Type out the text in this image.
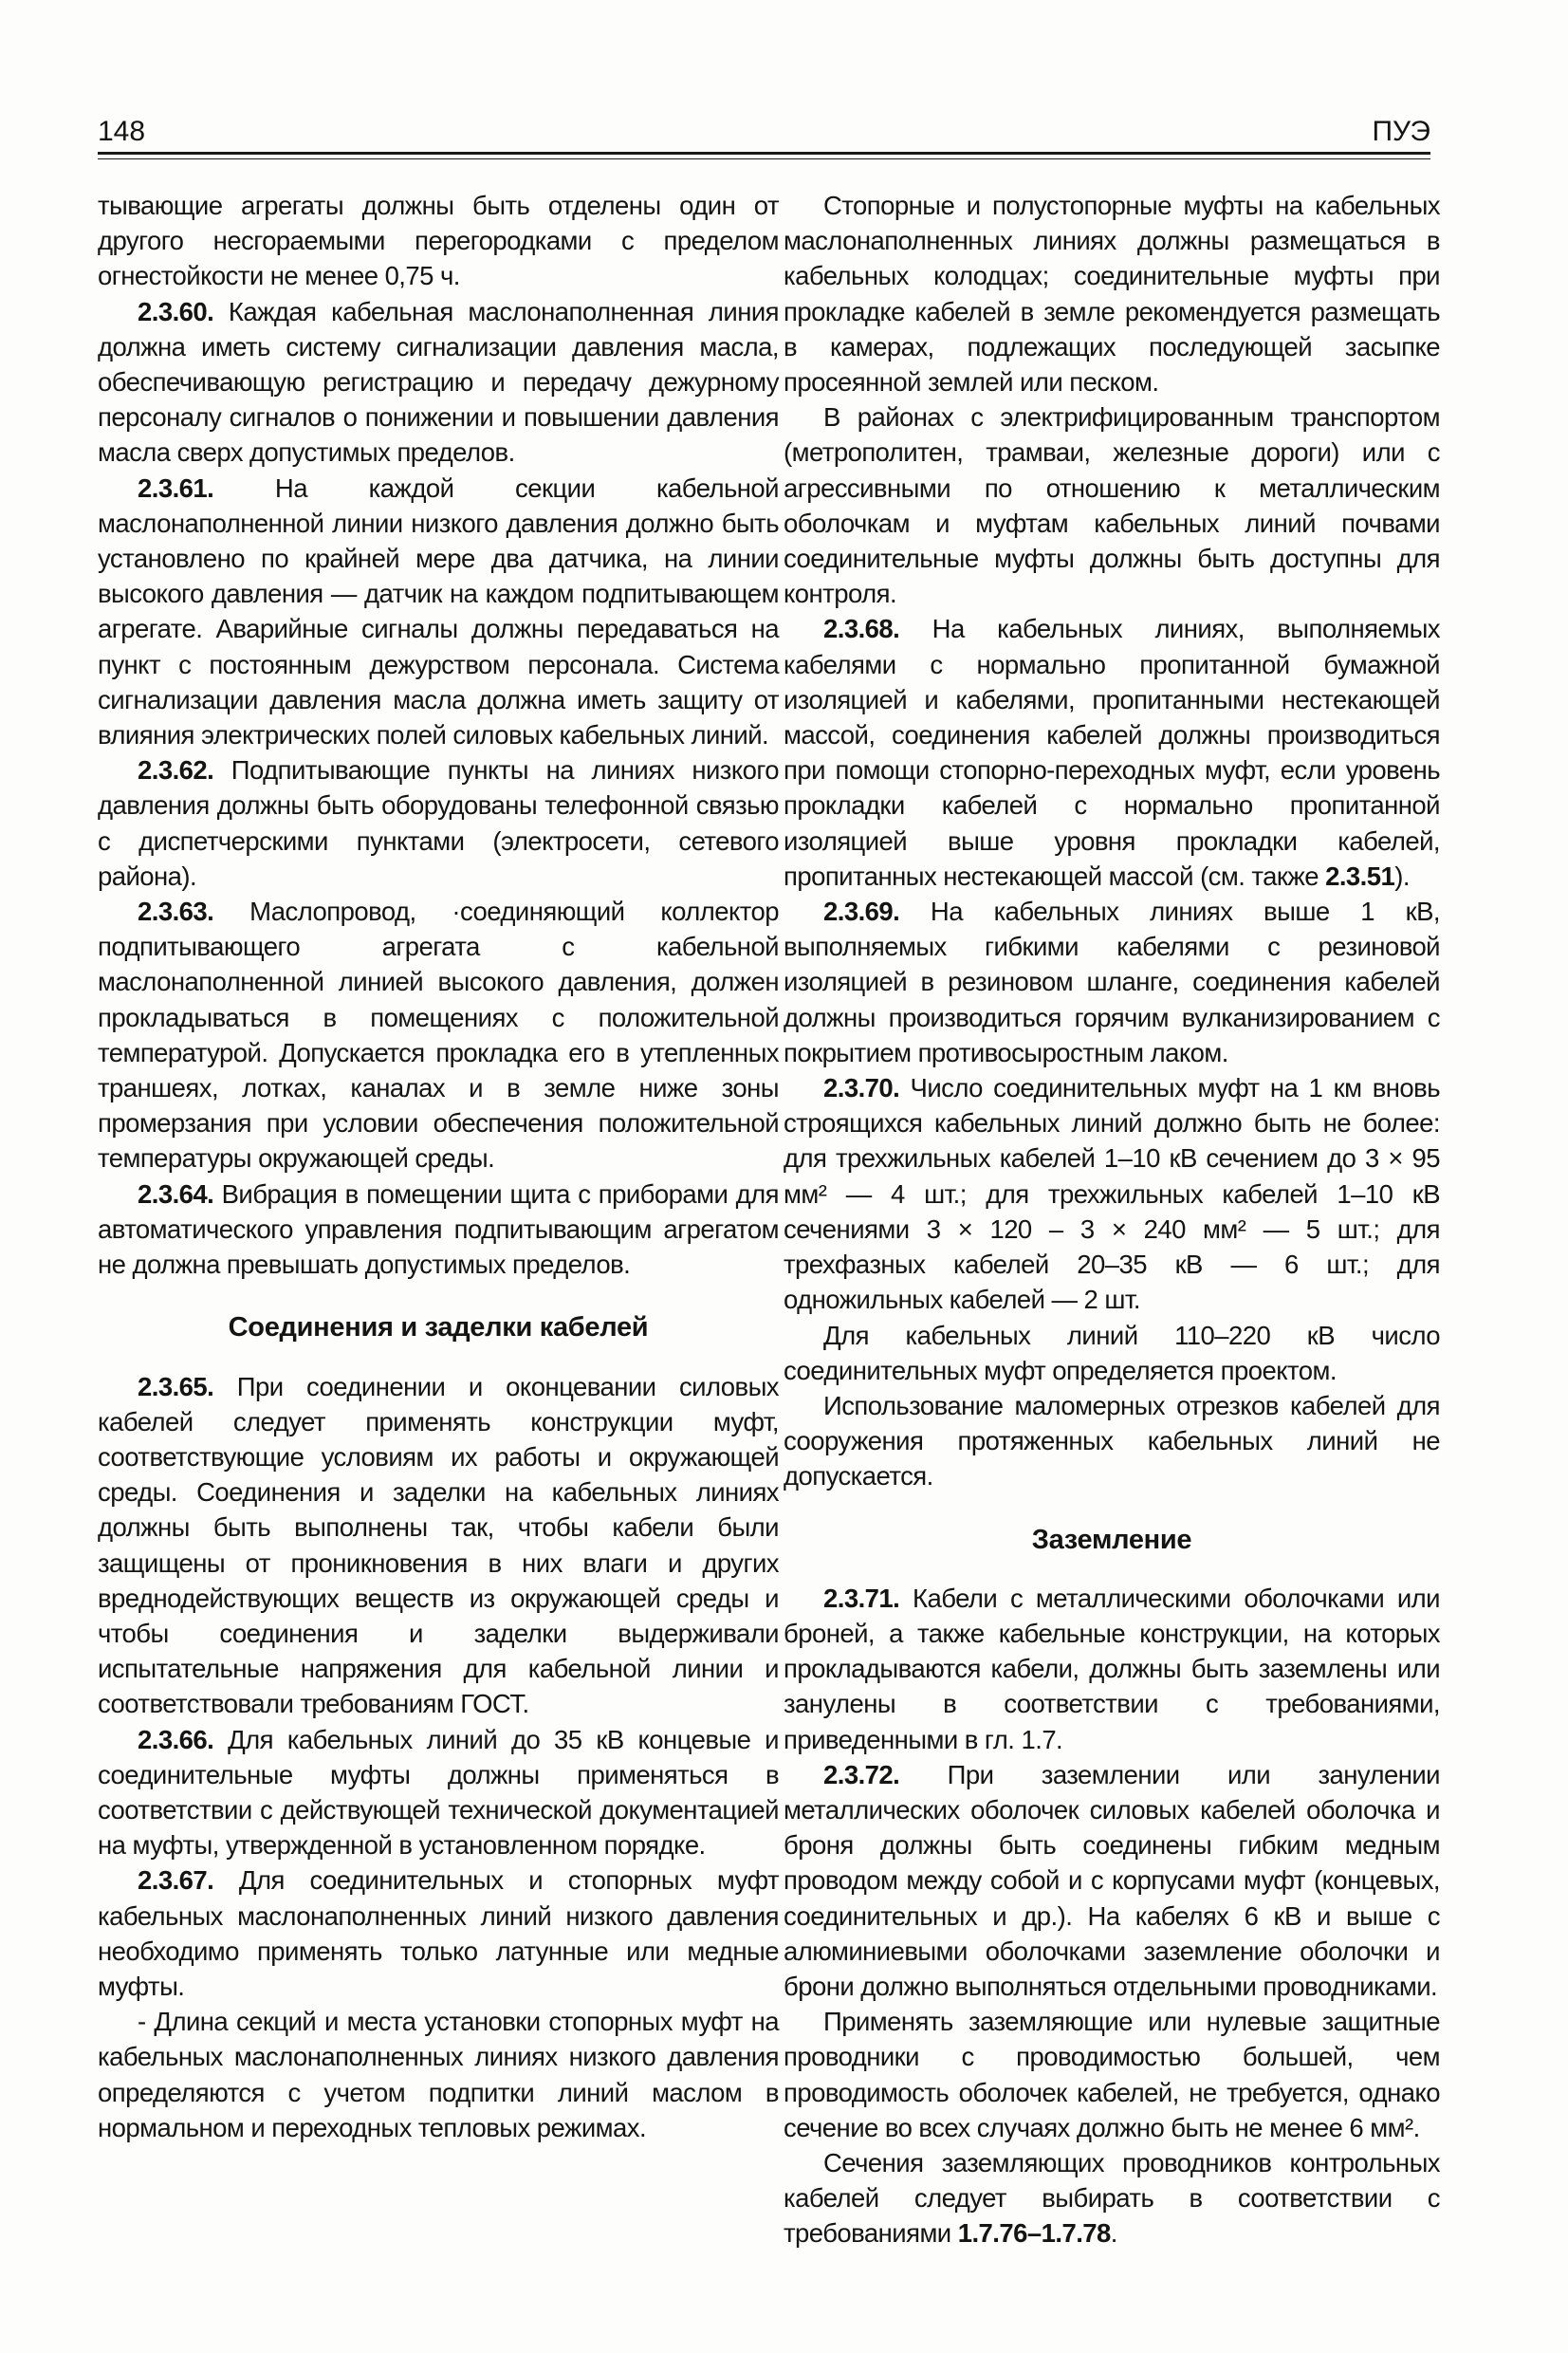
148	ПУЭ

тывающие агрегаты должны быть отделены один от другого несгораемыми перегородками с пределом огнестойкости не менее 0,75 ч.

2.3.60. Каждая кабельная маслонаполненная линия должна иметь систему сигнализации давления масла, обеспечивающую регистрацию и передачу дежурному персоналу сигналов о понижении и повышении давления масла сверх допустимых пределов.

2.3.61. На каждой секции кабельной маслонаполненной линии низкого давления должно быть установлено по крайней мере два датчика, на линии высокого давления — датчик на каждом подпитывающем агрегате. Аварийные сигналы должны передаваться на пункт с постоянным дежурством персонала. Система сигнализации давления масла должна иметь защиту от влияния электрических полей силовых кабельных линий.

2.3.62. Подпитывающие пункты на линиях низкого давления должны быть оборудованы телефонной связью с диспетчерскими пунктами (электросети, сетевого района).

2.3.63. Маслопровод, ·соединяющий коллектор подпитывающего агрегата с кабельной маслонаполненной линией высокого давления, должен прокладываться в помещениях с положительной температурой. Допускается прокладка его в утепленных траншеях, лотках, каналах и в земле ниже зоны промерзания при условии обеспечения положительной температуры окружающей среды.

2.3.64. Вибрация в помещении щита с приборами для автоматического управления подпитывающим агрегатом не должна превышать допустимых пределов.

Соединения и заделки кабелей

2.3.65. При соединении и оконцевании силовых кабелей следует применять конструкции муфт, соответствующие условиям их работы и окружающей среды. Соединения и заделки на кабельных линиях должны быть выполнены так, чтобы кабели были защищены от проникновения в них влаги и других вреднодействующих веществ из окружающей среды и чтобы соединения и заделки выдерживали испытательные напряжения для кабельной линии и соответствовали требованиям ГОСТ.

2.3.66. Для кабельных линий до 35 кВ концевые и соединительные муфты должны применяться в соответствии с действующей технической документацией на муфты, утвержденной в установленном порядке.

2.3.67. Для соединительных и стопорных муфт кабельных маслонаполненных линий низкого давления необходимо применять только латунные или медные муфты.

- Длина секций и места установки стопорных муфт на кабельных маслонаполненных линиях низкого давления определяются с учетом подпитки линий маслом в нормальном и переходных тепловых режимах.

Стопорные и полустопорные муфты на кабельных маслонаполненных линиях должны размещаться в кабельных колодцах; соединительные муфты при прокладке кабелей в земле рекомендуется размещать в камерах, подлежащих последующей засыпке просеянной землей или песком.

В районах с электрифицированным транспортом (метрополитен, трамваи, железные дороги) или с агрессивными по отношению к металлическим оболочкам и муфтам кабельных линий почвами соединительные муфты должны быть доступны для контроля.

2.3.68. На кабельных линиях, выполняемых кабелями с нормально пропитанной бумажной изоляцией и кабелями, пропитанными нестекающей массой, соединения кабелей должны производиться при помощи стопорно-переходных муфт, если уровень прокладки кабелей с нормально пропитанной изоляцией выше уровня прокладки кабелей, пропитанных нестекающей массой (см. также 2.3.51).

2.3.69. На кабельных линиях выше 1 кВ, выполняемых гибкими кабелями с резиновой изоляцией в резиновом шланге, соединения кабелей должны производиться горячим вулканизированием с покрытием противосыростным лаком.

2.3.70. Число соединительных муфт на 1 км вновь строящихся кабельных линий должно быть не более: для трехжильных кабелей 1–10 кВ сечением до 3 × 95 мм² — 4 шт.; для трехжильных кабелей 1–10 кВ сечениями 3 × 120 – 3 × 240 мм² — 5 шт.; для трехфазных кабелей 20–35 кВ — 6 шт.; для одножильных кабелей — 2 шт.

Для кабельных линий 110–220 кВ число соединительных муфт определяется проектом.

Использование маломерных отрезков кабелей для сооружения протяженных кабельных линий не допускается.

Заземление

2.3.71. Кабели с металлическими оболочками или броней, а также кабельные конструкции, на которых прокладываются кабели, должны быть заземлены или занулены в соответствии с требованиями, приведенными в гл. 1.7.

2.3.72. При заземлении или занулении металлических оболочек силовых кабелей оболочка и броня должны быть соединены гибким медным проводом между собой и с корпусами муфт (концевых, соединительных и др.). На кабелях 6 кВ и выше с алюминиевыми оболочками заземление оболочки и брони должно выполняться отдельными проводниками.

Применять заземляющие или нулевые защитные проводники с проводимостью большей, чем проводимость оболочек кабелей, не требуется, однако сечение во всех случаях должно быть не менее 6 мм².

Сечения заземляющих проводников контрольных кабелей следует выбирать в соответствии с требованиями 1.7.76–1.7.78.
